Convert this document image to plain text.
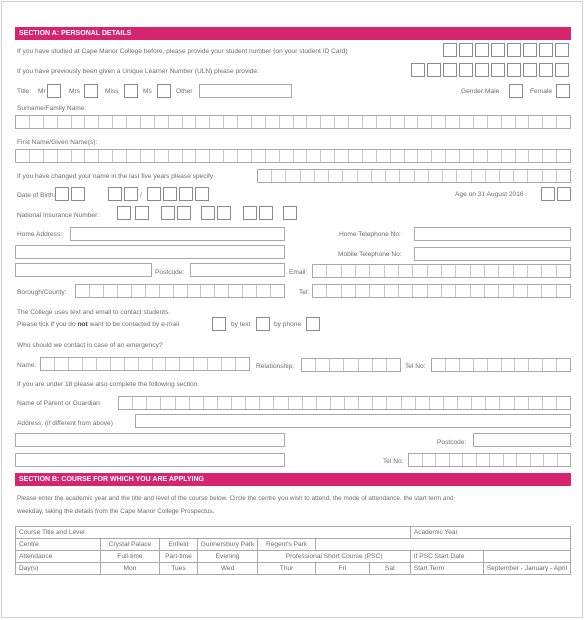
SECTION A: PERSONAL DETAILS
If you have studied at Cape Manor College before, please provide your student number (on your student ID Card)
If you have previously been given a Unique Learner Number (ULN) please provide:
Title: Mr	Mrs	Miss	Ms	Other	Gender: Male	Female
Surname/Family Name:
First Name/Given Name(s):
If you have changed your name in the last five years please specify
Date of Birth:	/	Age on 31 August 2016
National Insurance Number:
Home Address:	Home Telephone No:
Mobile Telephone No:
Postcode:	Email:
Borough/County:	Tel:
The College uses text and email to contact students.
Please tick if you do not want to be contacted by e-mail	by text	by phone
Who should we contact in case of an emergency?
Name:	Relationship:	Tel No:
If you are under 18 please also complete the following section.
Name of Parent or Guardian:
Address: (if different from above)
Postcode:
Tel No:
SECTION B: COURSE FOR WHICH YOU ARE APPLYING
Please enter the academic year and the title and level of the course below. Circle the centre you wish to attend, the mode of attendance, the start term and
weekday, taking the details from the Cape Manor College Prospectus.
Course Title and Level							Academic Year	
Centre	Crystal Palace	Enfield	Gunnersbury Park	Regent's Park				
Attendance	Full-time	Part-time	Evening	Professional Short Course (PSC)			If PSC Start Date	
Day(s)	Mon	Tues	Wed	Thur	Fri	Sat	Start Term	September - January - April
